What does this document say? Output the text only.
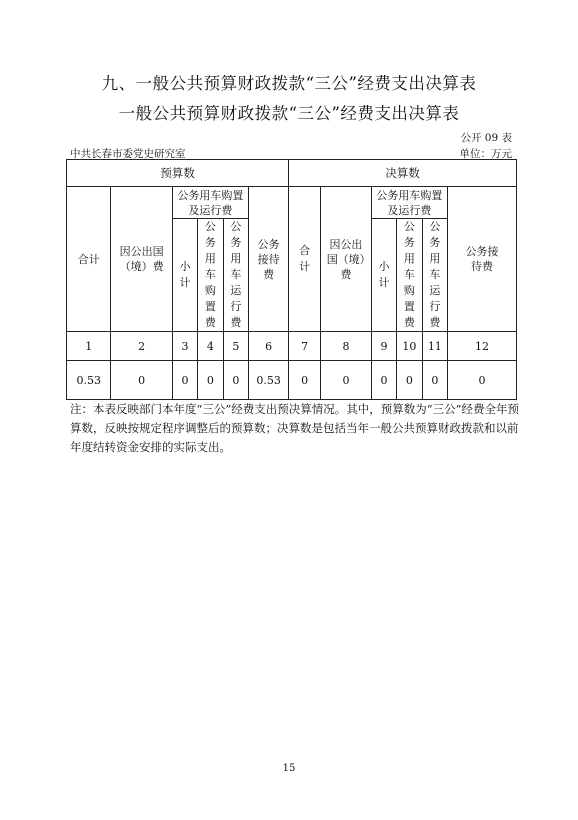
九、一般公共预算财政拨款“三公”经费支出决算表
一般公共预算财政拨款“三公”经费支出决算表
公开 09 表
中共长春市委党史研究室	单位：万元
预算数						决算数					
合计	因公出国（境）费	公务用车购置及运行费			公务接待费	合计	因公出国（境）费	公务用车购置及运行费			公务接待费
		小计	公务用车购置费	公务用车运行费				小计	公务用车购置费	公务用车运行费	
1	2	3	4	5	6	7	8	9	10	11	12
0.53	0	0	0	0	0.53	0	0	0	0	0	0
注：本表反映部门本年度“三公”经费支出预决算情况。其中，预算数为“三公”经费全年预算数，反映按规定程序调整后的预算数；决算数是包括当年一般公共预算财政拨款和以前年度结转资金安排的实际支出。
15
